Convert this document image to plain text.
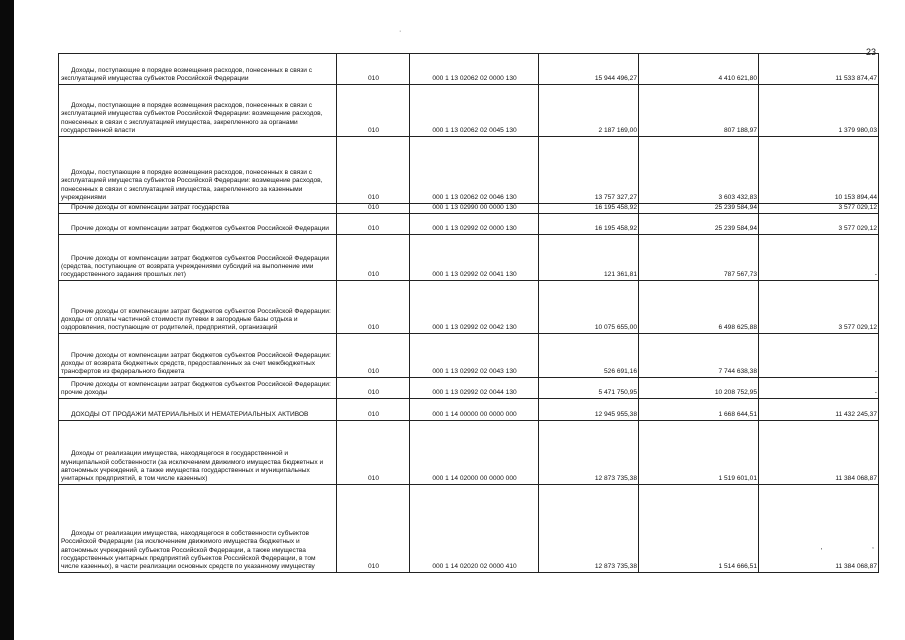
23
·
'
,
Доходы, поступающие в порядке возмещения расходов, понесенных в связи с эксплуатацией имущества субъектов Российской Федерации	010	000 1 13 02062 02 0000 130	15 944 496,27	4 410 621,80	11 533 874,47
Доходы, поступающие в порядке возмещения расходов, понесенных в связи с эксплуатацией имущества субъектов Российской Федерации: возмещение расходов, понесенных в связи с эксплуатацией имущества, закрепленного за органами государственной власти	010	000 1 13 02062 02 0045 130	2 187 169,00	807 188,97	1 379 980,03
Доходы, поступающие в порядке возмещения расходов, понесенных в связи с эксплуатацией имущества субъектов Российской Федерации: возмещение расходов, понесенных в связи с эксплуатацией имущества, закрепленного за казенными учреждениями	010	000 1 13 02062 02 0046 130	13 757 327,27	3 603 432,83	10 153 894,44
Прочие доходы от компенсации затрат государства	010	000 1 13 02990 00 0000 130	16 195 458,92	25 239 584,94	3 577 029,12
Прочие доходы от компенсации затрат бюджетов субъектов Российской Федерации	010	000 1 13 02992 02 0000 130	16 195 458,92	25 239 584,94	3 577 029,12
Прочие доходы от компенсации затрат бюджетов субъектов Российской Федерации (средства, поступающие от возврата учреждениями субсидий на выполнение ими государственного задания прошлых лет)	010	000 1 13 02992 02 0041 130	121 361,81	787 567,73	-
Прочие доходы от компенсации затрат бюджетов субъектов Российской Федерации: доходы от оплаты частичной стоимости путевки в загородные базы отдыха и оздоровления, поступающие от родителей, предприятий, организаций	010	000 1 13 02992 02 0042 130	10 075 655,00	6 498 625,88	3 577 029,12
Прочие доходы от компенсации затрат бюджетов субъектов Российской Федерации: доходы от возврата бюджетных средств, предоставленных за счет межбюджетных трансфертов из федерального бюджета	010	000 1 13 02992 02 0043 130	526 691,16	7 744 638,38	-
Прочие доходы от компенсации затрат бюджетов субъектов Российской Федерации: прочие доходы	010	000 1 13 02992 02 0044 130	5 471 750,95	10 208 752,95	-
ДОХОДЫ ОТ ПРОДАЖИ МАТЕРИАЛЬНЫХ И НЕМАТЕРИАЛЬНЫХ АКТИВОВ	010	000 1 14 00000 00 0000 000	12 945 955,38	1 668 644,51	11 432 245,37
Доходы от реализации имущества, находящегося в государственной и муниципальной собственности (за исключением движимого имущества бюджетных и автономных учреждений, а также имущества государственных и муниципальных унитарных предприятий, в том числе казенных)	010	000 1 14 02000 00 0000 000	12 873 735,38	1 519 601,01	11 384 068,87
Доходы от реализации имущества, находящегося в собственности субъектов Российской Федерации (за исключением движимого имущества бюджетных и автономных учреждений субъектов Российской Федерации, а также имущества государственных унитарных предприятий субъектов Российской Федерации, в том числе казенных), в части реализации основных средств по указанному имуществу	010	000 1 14 02020 02 0000 410	12 873 735,38	1 514 666,51	11 384 068,87
